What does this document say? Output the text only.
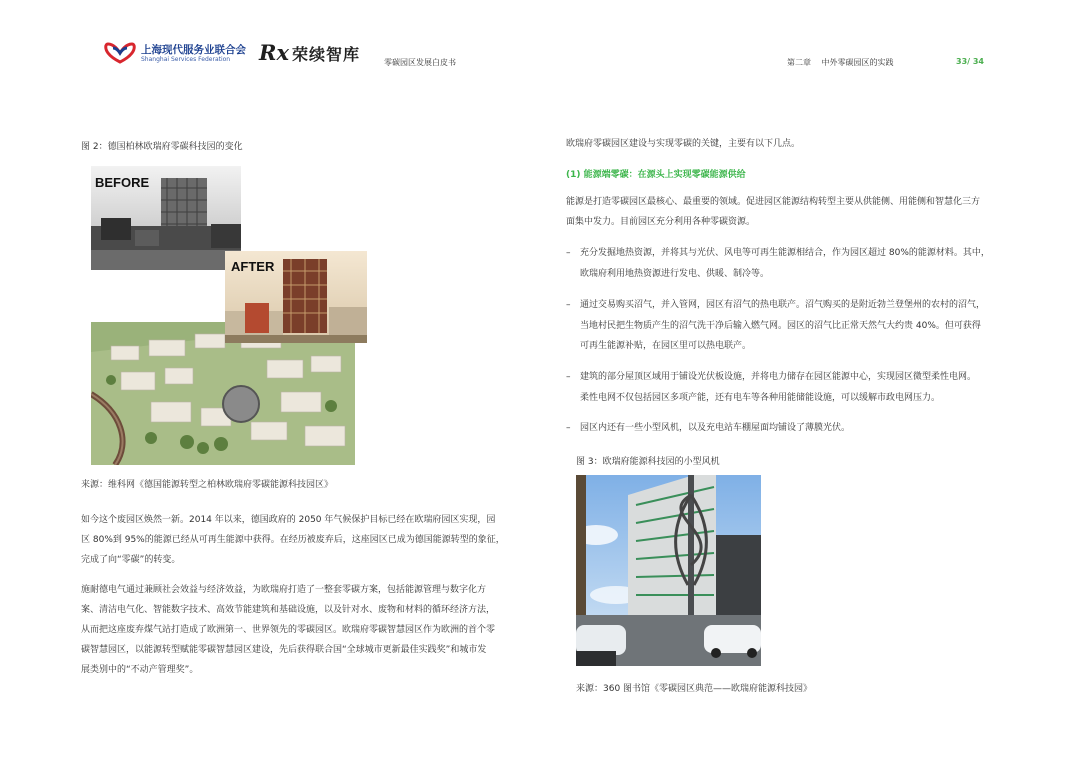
上海现代服务业联合会
Shanghai Services Federation Rx 荣续智库	零碳园区发展白皮书	第二章　 中外零碳园区的实践	33/ 34
图 2：德国柏林欧瑞府零碳科技园的变化
BEFORE
AFTER
来源：维科网《德国能源转型之柏林欧瑞府零碳能源科技园区》
如今这个废园区焕然一新。2014 年以来，德国政府的 2050 年气候保护目标已经在欧瑞府园区实现，园
区 80%到 95%的能源已经从可再生能源中获得。在经历被废弃后，这座园区已成为德国能源转型的象征，
完成了向“零碳”的转变。
施耐德电气通过兼顾社会效益与经济效益，为欧瑞府打造了一整套零碳方案，包括能源管理与数字化方
案、清洁电气化、智能数字技术、高效节能建筑和基础设施，以及针对水、废物和材料的循环经济方法，
从而把这座废弃煤气站打造成了欧洲第一、世界领先的零碳园区。欧瑞府零碳智慧园区作为欧洲的首个零
碳智慧园区，以能源转型赋能零碳智慧园区建设，先后获得联合国“全球城市更新最佳实践奖”和城市发
展类别中的“不动产管理奖”。
欧瑞府零碳园区建设与实现零碳的关键，主要有以下几点。
(1) 能源端零碳：在源头上实现零碳能源供给
能源是打造零碳园区最核心、最重要的领域。促进园区能源结构转型主要从供能侧、用能侧和智慧化三方
面集中发力。目前园区充分利用各种零碳资源。
– 充分发掘地热资源，并将其与光伏、风电等可再生能源相结合，作为园区超过 80%的能源材料。其中，
欧瑞府利用地热资源进行发电、供暖、制冷等。
– 通过交易购买沼气，并入管网，园区有沼气的热电联产。沼气购买的是附近勃兰登堡州的农村的沼气，
当地村民把生物质产生的沼气洗干净后输入燃气网。园区的沼气比正常天然气大约贵 40%。但可获得
可再生能源补贴，在园区里可以热电联产。
– 建筑的部分屋顶区域用于铺设光伏板设施，并将电力储存在园区能源中心，实现园区微型柔性电网。
柔性电网不仅包括园区多项产能，还有电车等各种用能储能设施，可以缓解市政电网压力。
– 园区内还有一些小型风机，以及充电站车棚屋面均铺设了薄膜光伏。
图 3：欧瑞府能源科技园的小型风机
来源：360 图书馆《零碳园区典范——欧瑞府能源科技园》
